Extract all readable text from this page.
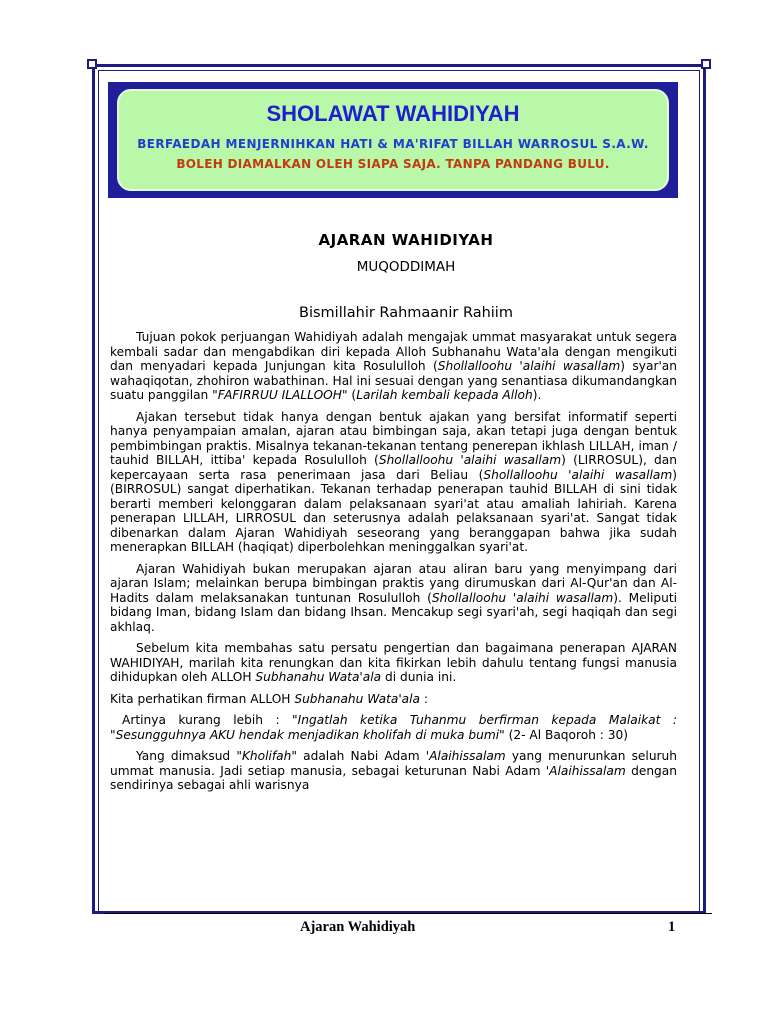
SHOLAWAT WAHIDIYAH
BERFAEDAH MENJERNIHKAN HATI & MA'RIFAT BILLAH WARROSUL S.A.W.
BOLEH DIAMALKAN OLEH SIAPA SAJA. TANPA PANDANG BULU.
AJARAN WAHIDIYAH
MUQODDIMAH
Bismillahir Rahmaanir Rahiim

Tujuan pokok perjuangan Wahidiyah adalah mengajak ummat masyarakat untuk segera kembali sadar dan mengabdikan diri kepada Alloh Subhanahu Wata'ala dengan mengikuti dan menyadari kepada Junjungan kita Rosululloh (Shollalloohu 'alaihi wasallam) syar'an wahaqiqotan, zhohiron wabathinan. Hal ini sesuai dengan yang senantiasa dikumandangkan suatu panggilan "FAFIRRUU ILALLOOH" (Larilah kembali kepada Alloh).

Ajakan tersebut tidak hanya dengan bentuk ajakan yang bersifat informatif seperti hanya penyampaian amalan, ajaran atau bimbingan saja, akan tetapi juga dengan bentuk pembimbingan praktis. Misalnya tekanan-tekanan tentang penerepan ikhlash LILLAH, iman / tauhid BILLAH, ittiba' kepada Rosululloh (Shollalloohu 'alaihi wasallam) (LIRROSUL), dan kepercayaan serta rasa penerimaan jasa dari Beliau (Shollalloohu 'alaihi wasallam) (BIRROSUL) sangat diperhatikan. Tekanan terhadap penerapan tauhid BILLAH di sini tidak berarti memberi kelonggaran dalam pelaksanaan syari'at atau amaliah lahiriah. Karena penerapan LILLAH, LIRROSUL dan seterusnya adalah pelaksanaan syari'at. Sangat tidak dibenarkan dalam Ajaran Wahidiyah seseorang yang beranggapan bahwa jika sudah menerapkan BILLAH (haqiqat) diperbolehkan meninggalkan syari'at.

Ajaran Wahidiyah bukan merupakan ajaran atau aliran baru yang menyimpang dari ajaran Islam; melainkan berupa bimbingan praktis yang dirumuskan dari Al-Qur'an dan Al-Hadits dalam melaksanakan tuntunan Rosululloh (Shollalloohu 'alaihi wasallam). Meliputi bidang Iman, bidang Islam dan bidang Ihsan. Mencakup segi syari'ah, segi haqiqah dan segi akhlaq.

Sebelum kita membahas satu persatu pengertian dan bagaimana penerapan AJARAN WAHIDIYAH, marilah kita renungkan dan kita fikirkan lebih dahulu tentang fungsi manusia dihidupkan oleh ALLOH Subhanahu Wata'ala di dunia ini.

Kita perhatikan firman ALLOH Subhanahu Wata'ala :

Artinya kurang lebih : "Ingatlah ketika Tuhanmu berfirman kepada Malaikat : "Sesungguhnya AKU hendak menjadikan kholifah di muka bumi" (2- Al Baqoroh : 30)

Yang dimaksud "Kholifah" adalah Nabi Adam 'Alaihissalam yang menurunkan seluruh ummat manusia. Jadi setiap manusia, sebagai keturunan Nabi Adam 'Alaihissalam dengan sendirinya sebagai ahli warisnya

Ajaran Wahidiyah	1
